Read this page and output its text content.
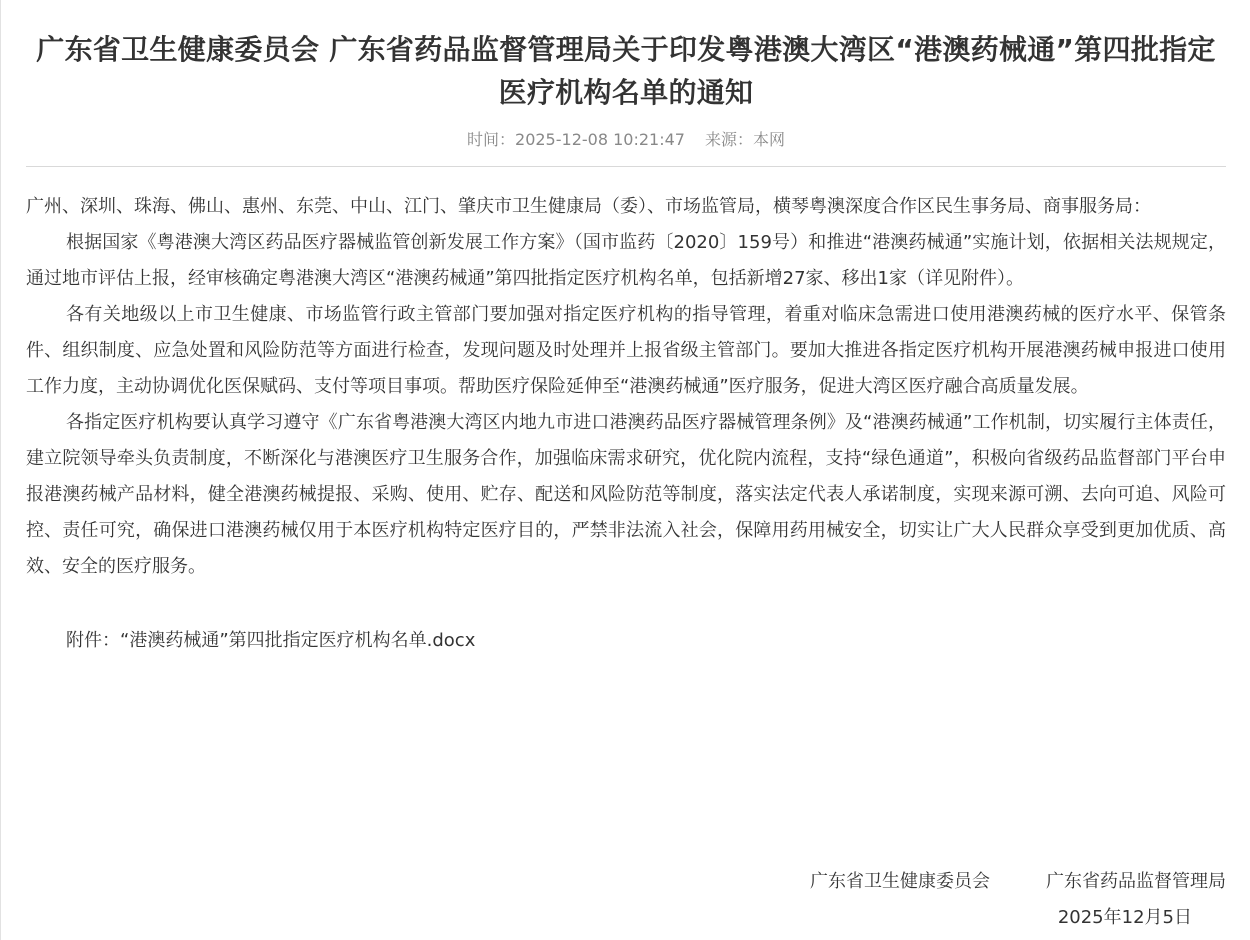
广东省卫生健康委员会 广东省药品监督管理局关于印发粤港澳大湾区“港澳药械通”第四批指定医疗机构名单的通知
时间：2025-12-08 10:21:47 来源：本网

广州、深圳、珠海、佛山、惠州、东莞、中山、江门、肇庆市卫生健康局（委）、市场监管局，横琴粤澳深度合作区民生事务局、商事服务局：

根据国家《粤港澳大湾区药品医疗器械监管创新发展工作方案》（国市监药〔2020〕159号）和推进“港澳药械通”实施计划，依据相关法规规定，通过地市评估上报，经审核确定粤港澳大湾区“港澳药械通”第四批指定医疗机构名单，包括新增27家、移出1家（详见附件）。

各有关地级以上市卫生健康、市场监管行政主管部门要加强对指定医疗机构的指导管理，着重对临床急需进口使用港澳药械的医疗水平、保管条件、组织制度、应急处置和风险防范等方面进行检查，发现问题及时处理并上报省级主管部门。要加大推进各指定医疗机构开展港澳药械申报进口使用工作力度，主动协调优化医保赋码、支付等项目事项。帮助医疗保险延伸至“港澳药械通”医疗服务，促进大湾区医疗融合高质量发展。

各指定医疗机构要认真学习遵守《广东省粤港澳大湾区内地九市进口港澳药品医疗器械管理条例》及“港澳药械通”工作机制，切实履行主体责任，建立院领导牵头负责制度，不断深化与港澳医疗卫生服务合作，加强临床需求研究，优化院内流程，支持“绿色通道”，积极向省级药品监督部门平台申报港澳药械产品材料，健全港澳药械提报、采购、使用、贮存、配送和风险防范等制度，落实法定代表人承诺制度，实现来源可溯、去向可追、风险可控、责任可究，确保进口港澳药械仅用于本医疗机构特定医疗目的，严禁非法流入社会，保障用药用械安全，切实让广大人民群众享受到更加优质、高效、安全的医疗服务。

附件：“港澳药械通”第四批指定医疗机构名单.docx
广东省卫生健康委员会	广东省药品监督管理局
2025年12月5日
